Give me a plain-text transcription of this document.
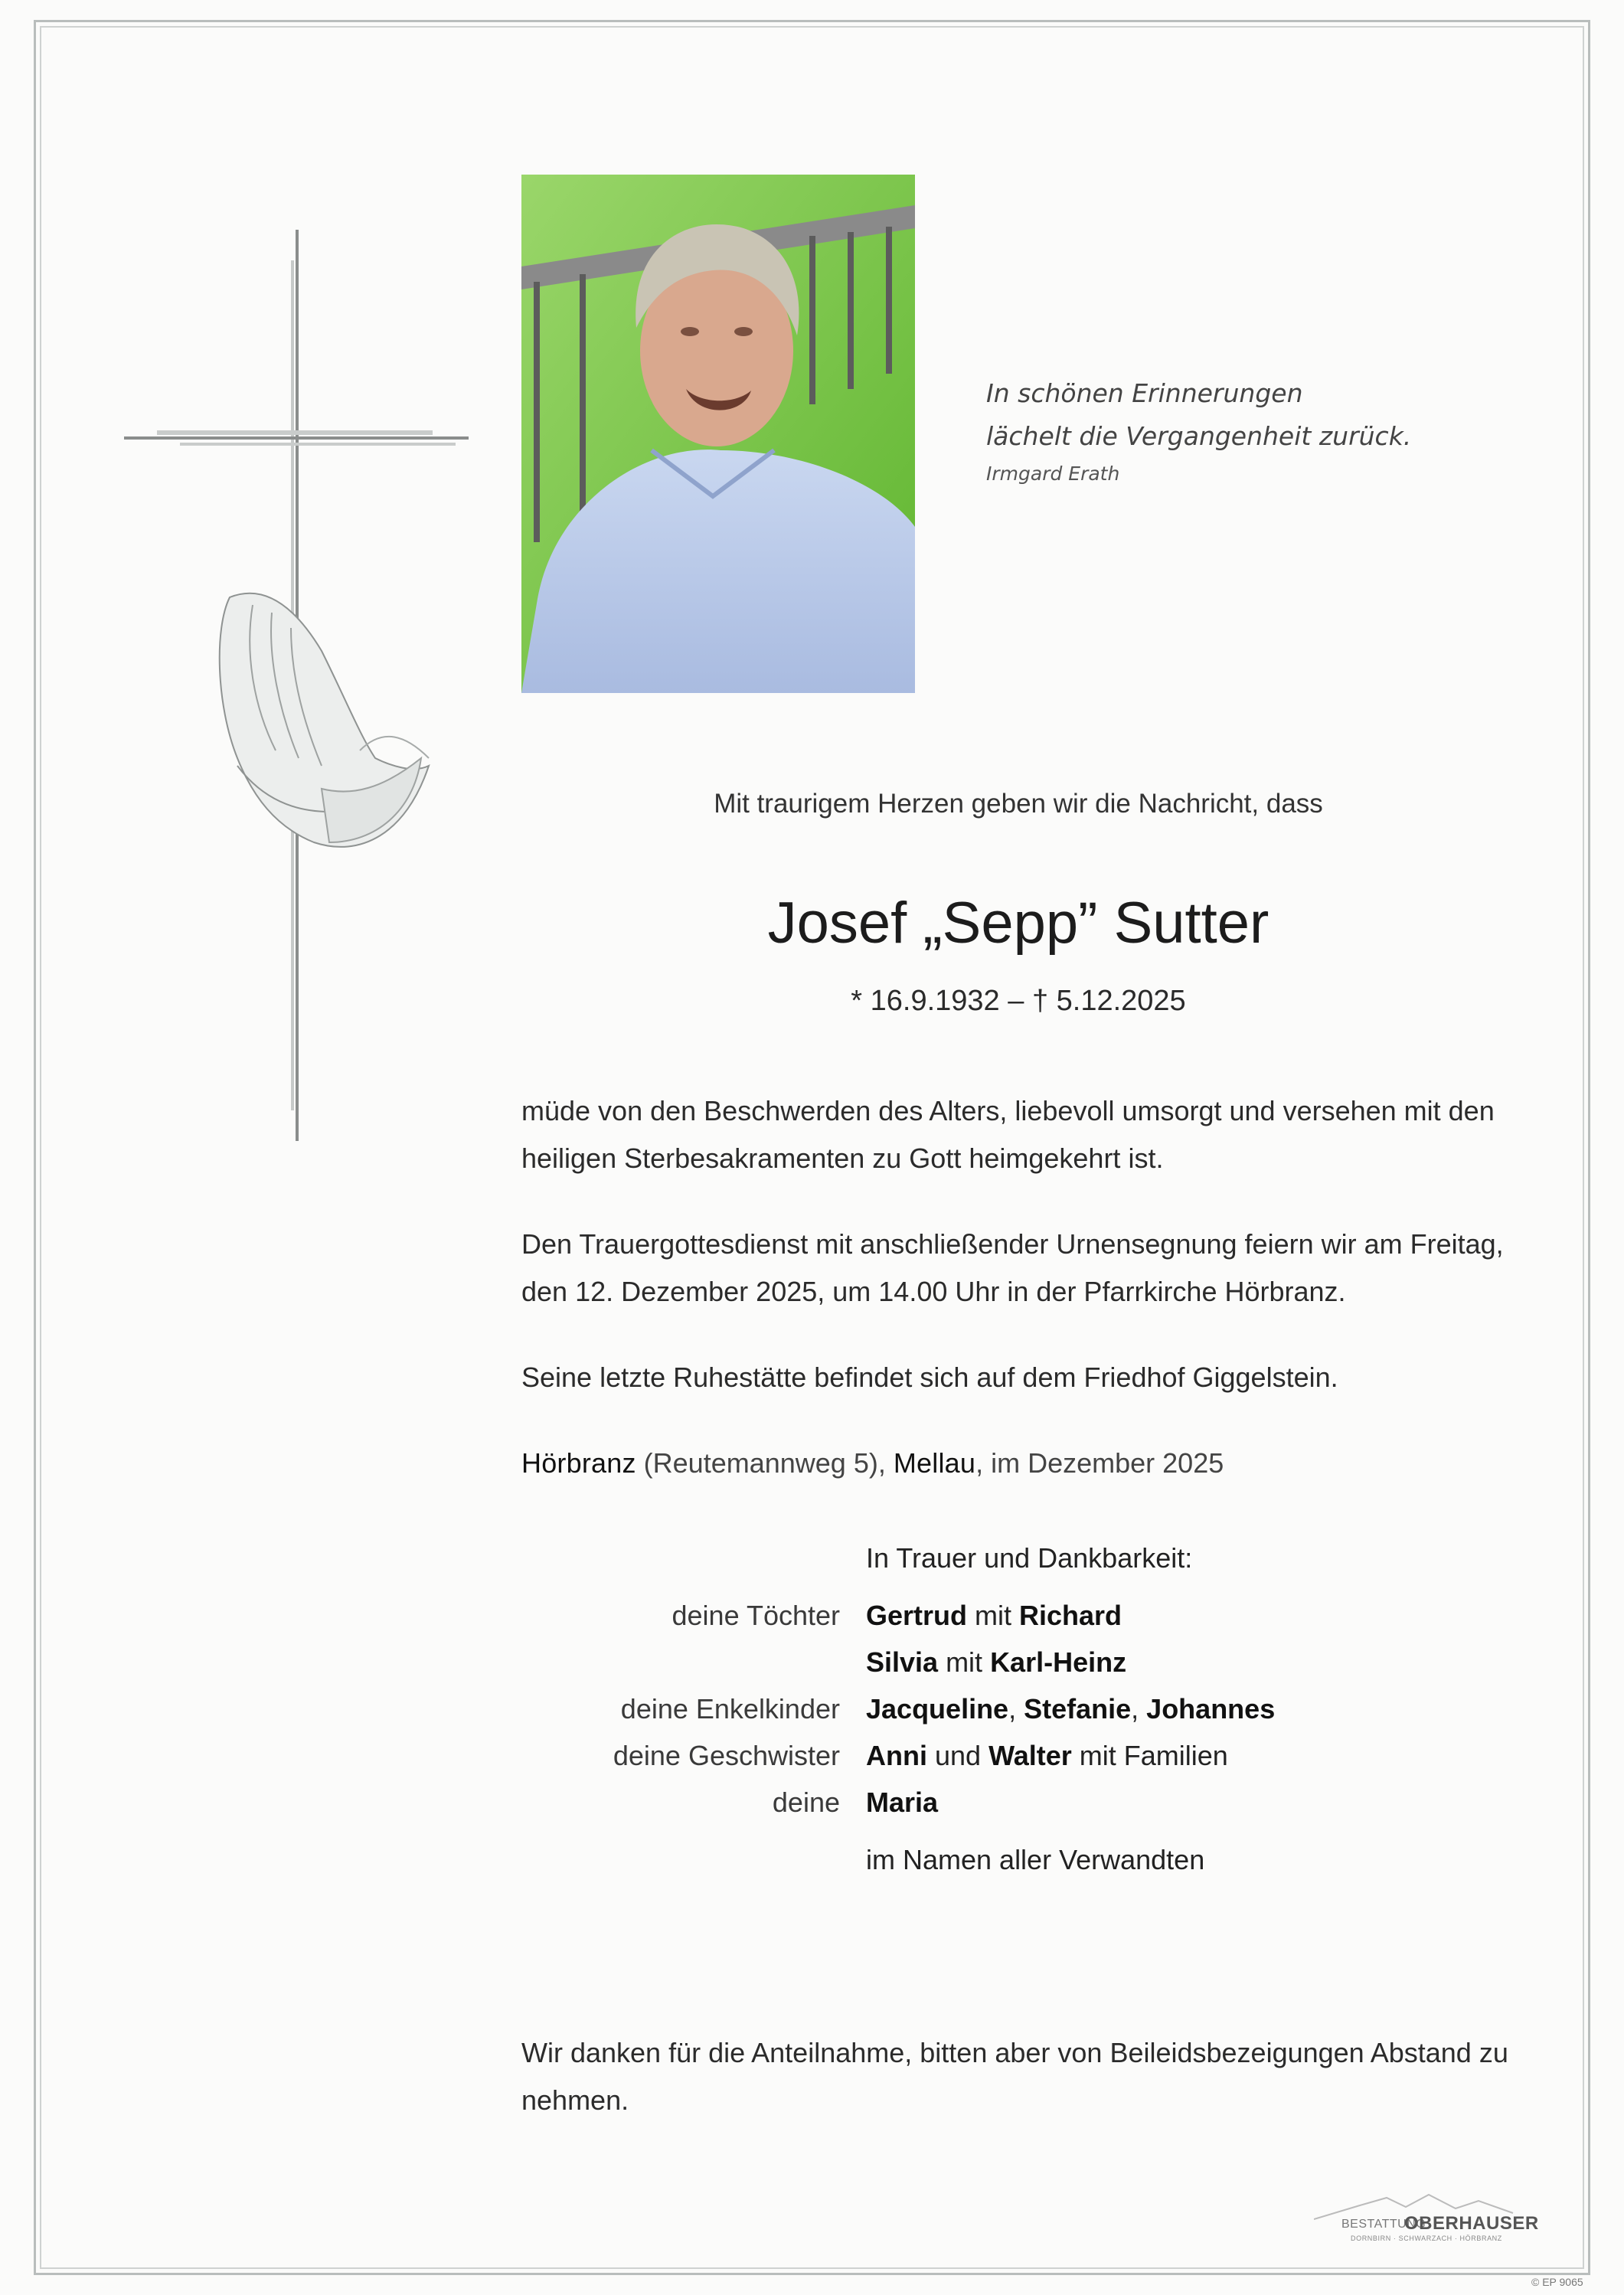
In schönen Erinnerungen
lächelt die Vergangenheit zurück.
Irmgard Erath
Mit traurigem Herzen geben wir die Nachricht, dass
Josef „Sepp” Sutter
* 16.9.1932 – † 5.12.2025
müde von den Beschwerden des Alters, liebevoll umsorgt und versehen mit den
heiligen Sterbesakramenten zu Gott heimgekehrt ist.
Den Trauergottesdienst mit anschließender Urnensegnung feiern wir am Freitag,
den 12. Dezember 2025, um 14.00 Uhr in der Pfarrkirche Hörbranz.
Seine letzte Ruhestätte befindet sich auf dem Friedhof Giggelstein.
Hörbranz (Reutemannweg 5), Mellau, im Dezember 2025
In Trauer und Dankbarkeit:
deine Töchter Gertrud mit Richard
Silvia mit Karl-Heinz
deine Enkelkinder Jacqueline, Stefanie, Johannes
deine Geschwister Anni und Walter mit Familien
deine Maria
im Namen aller Verwandten
Wir danken für die Anteilnahme, bitten aber von Beileidsbezeigungen Abstand zu
nehmen.
BESTATTUNG
OBERHAUSER
DORNBIRN · SCHWARZACH · HÖRBRANZ
© EP 9065
